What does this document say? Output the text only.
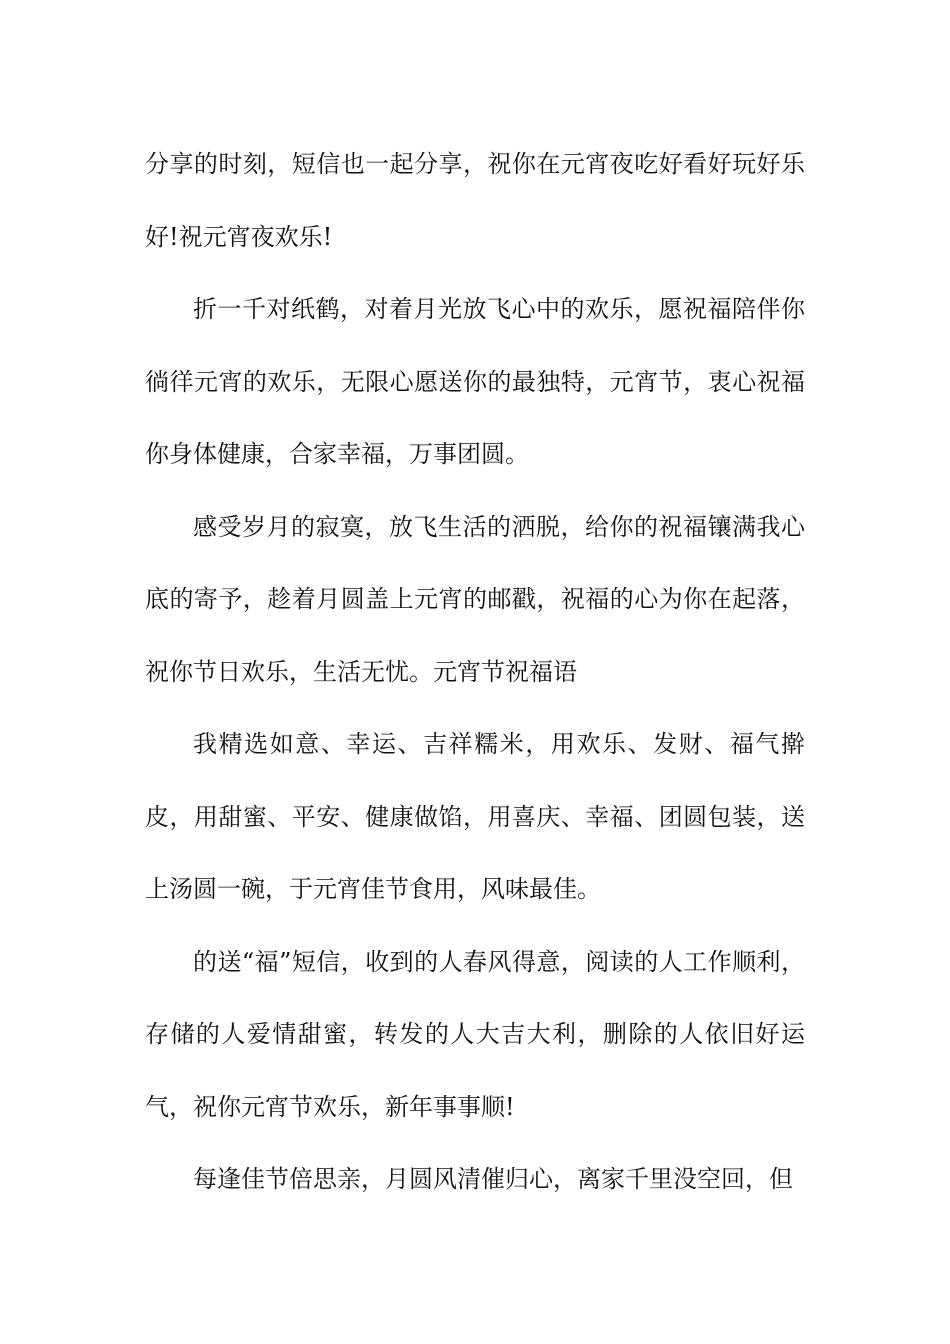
分享的时刻，短信也一起分享，祝你在元宵夜吃好看好玩好乐好!祝元宵夜欢乐!

折一千对纸鹤，对着月光放飞心中的欢乐，愿祝福陪伴你徜徉元宵的欢乐，无限心愿送你的最独特，元宵节，衷心祝福你身体健康，合家幸福，万事团圆。

感受岁月的寂寞，放飞生活的洒脱，给你的祝福镶满我心底的寄予，趁着月圆盖上元宵的邮戳，祝福的心为你在起落，祝你节日欢乐，生活无忧。元宵节祝福语

我精选如意、幸运、吉祥糯米，用欢乐、发财、福气擀皮，用甜蜜、平安、健康做馅，用喜庆、幸福、团圆包装，送上汤圆一碗，于元宵佳节食用，风味最佳。

的送“福”短信，收到的人春风得意，阅读的人工作顺利，存储的人爱情甜蜜，转发的人大吉大利，删除的人依旧好运气，祝你元宵节欢乐，新年事事顺!

每逢佳节倍思亲，月圆风清催归心，离家千里没空回，但
